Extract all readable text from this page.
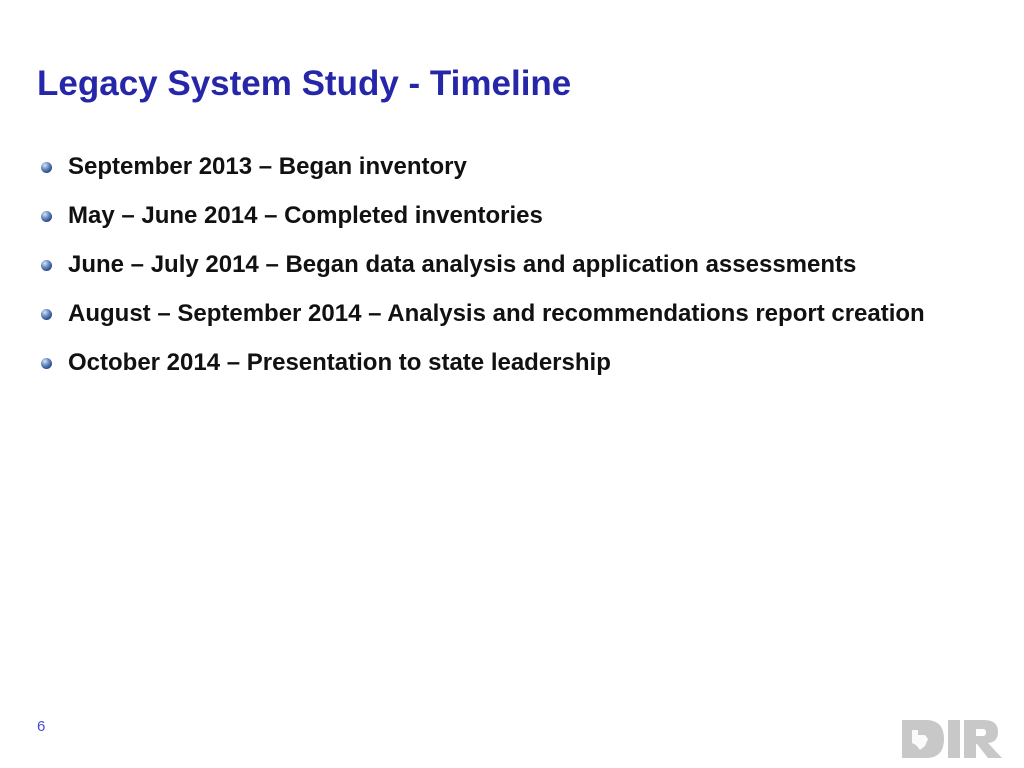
Legacy System Study - Timeline
September 2013 – Began inventory
May – June 2014 – Completed inventories
June – July 2014 – Began data analysis and application assessments
August – September 2014 – Analysis and recommendations report creation
October 2014 – Presentation to state leadership
6
DIR
